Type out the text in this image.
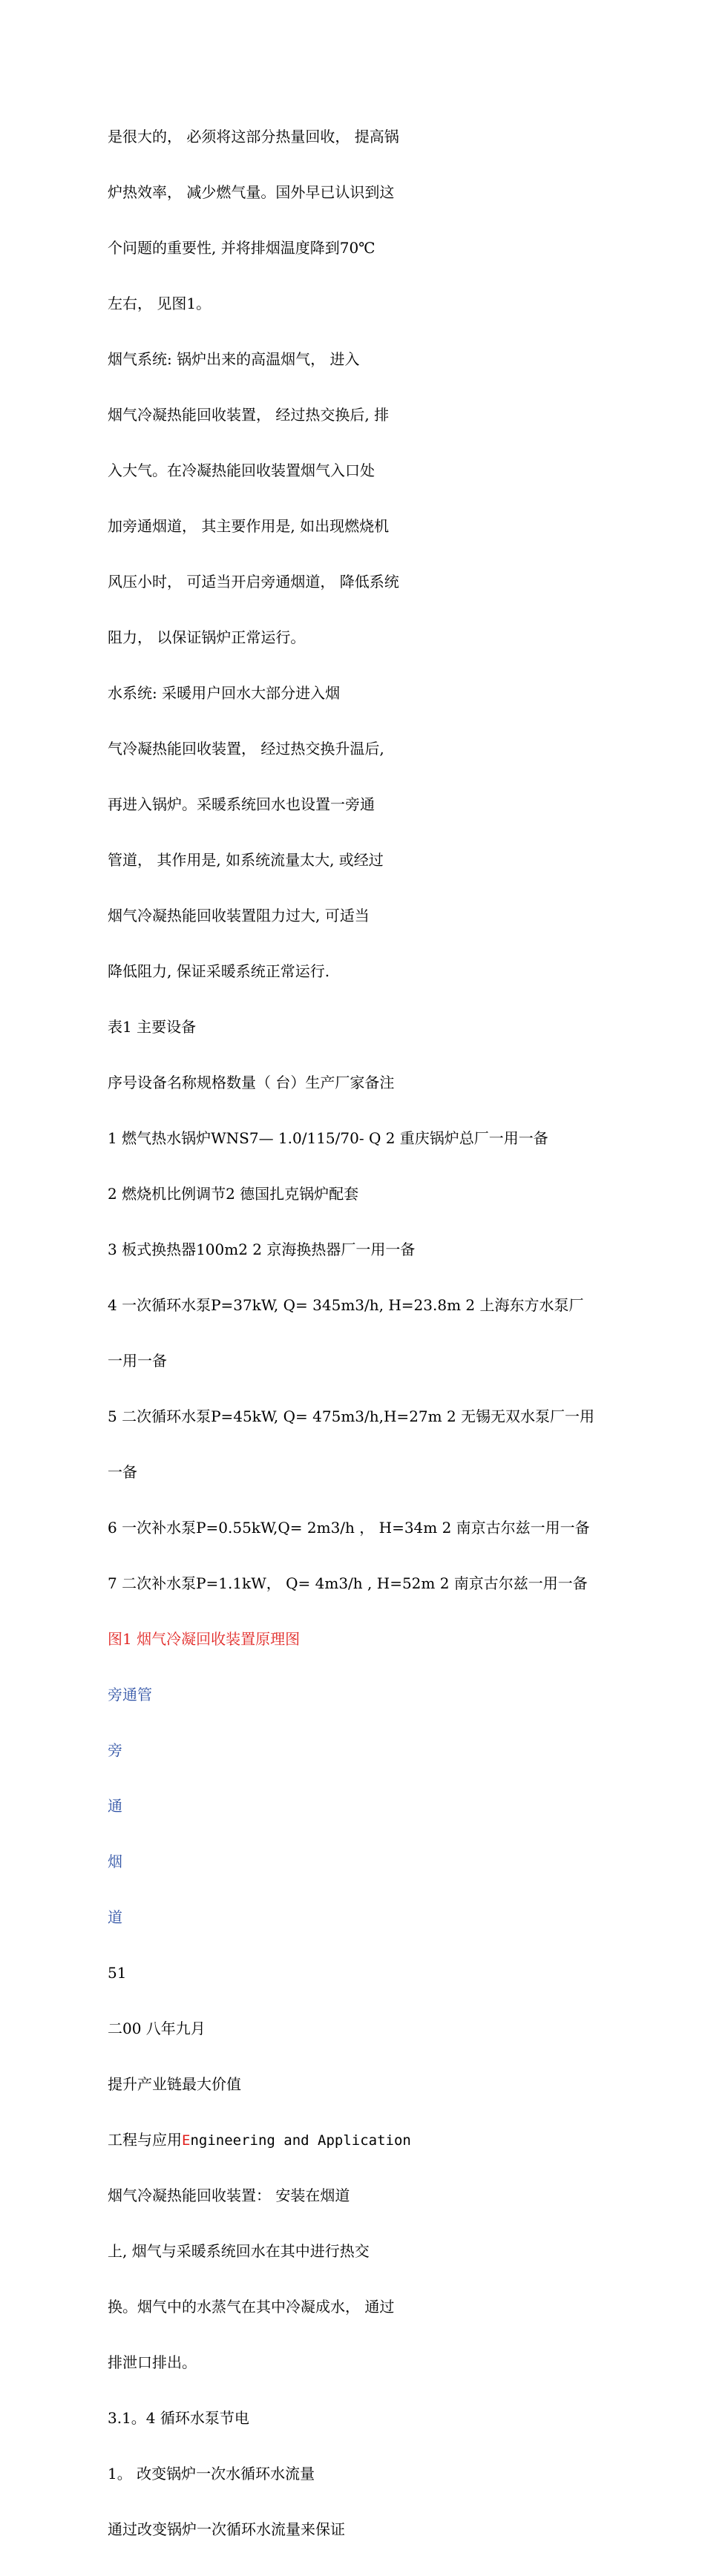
是很大的， 必须将这部分热量回收， 提高锅

炉热效率， 减少燃气量。国外早已认识到这

个问题的重要性, 并将排烟温度降到70℃

左右， 见图1。

烟气系统: 锅炉出来的高温烟气， 进入

烟气冷凝热能回收装置， 经过热交换后, 排

入大气。在冷凝热能回收装置烟气入口处

加旁通烟道， 其主要作用是, 如出现燃烧机

风压小时， 可适当开启旁通烟道， 降低系统

阻力， 以保证锅炉正常运行。

水系统: 采暖用户回水大部分进入烟

气冷凝热能回收装置， 经过热交换升温后,

再进入锅炉。采暖系统回水也设置一旁通

管道， 其作用是, 如系统流量太大, 或经过

烟气冷凝热能回收装置阻力过大, 可适当

降低阻力, 保证采暖系统正常运行.

表1 主要设备

序号设备名称规格数量（ 台）生产厂家备注

1 燃气热水锅炉WNS7— 1.0/115/70- Q 2 重庆锅炉总厂一用一备

2 燃烧机比例调节2 德国扎克锅炉配套

3 板式换热器100m2 2 京海换热器厂一用一备

4 一次循环水泵P=37kW, Q= 345m3/h, H=23.8m 2 上海东方水泵厂

一用一备

5 二次循环水泵P=45kW, Q= 475m3/h,H=27m 2 无锡无双水泵厂一用

一备

6 一次补水泵P=0.55kW,Q= 2m3/h ， H=34m 2 南京古尔兹一用一备

7 二次补水泵P=1.1kW， Q= 4m3/h , H=52m 2 南京古尔兹一用一备

图1 烟气冷凝回收装置原理图

旁通管

旁

通

烟

道

51

二00 八年九月

提升产业链最大价值

工程与应用Engineering and Application

烟气冷凝热能回收装置： 安装在烟道

上, 烟气与采暖系统回水在其中进行热交

换。烟气中的水蒸气在其中冷凝成水， 通过

排泄口排出。

3.1。4 循环水泵节电

1。 改变锅炉一次水循环水流量

通过改变锅炉一次循环水流量来保证
